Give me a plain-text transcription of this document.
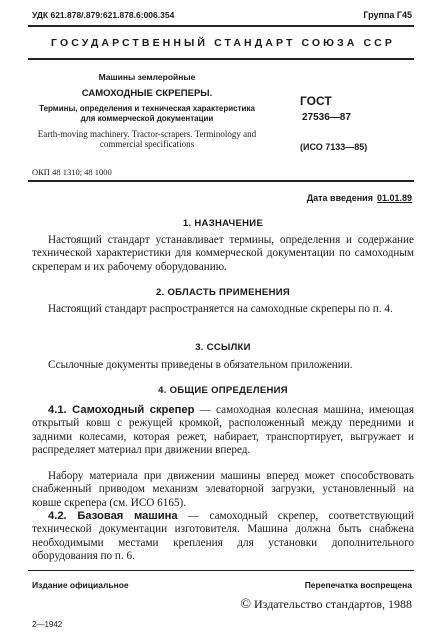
УДК 621.878/.879:621.878.6:006.354	Группа Г45
ГОСУДАРСТВЕННЫЙ СТАНДАРТ СОЮЗА ССР
Машины землеройные
САМОХОДНЫЕ СКРЕПЕРЫ.
Термины, определения и техническая характеристика для коммерческой документации
Earth-moving machinery. Tractor-scrapers. Terminology and commercial specifications
ОКП 48 1310; 48 1000
ГОСТ
27536—87
(ИСО 7133—85)
Дата введения 01.01.89
1. НАЗНАЧЕНИЕ
Настоящий стандарт устанавливает термины, определения и содержание технической характеристики для коммерческой документации по самоходным скреперам и их рабочему оборудованию.
2. ОБЛАСТЬ ПРИМЕНЕНИЯ
Настоящий стандарт распространяется на самоходные скреперы по п. 4.
3. ССЫЛКИ
Ссылочные документы приведены в обязательном приложении.
4. ОБЩИЕ ОПРЕДЕЛЕНИЯ
4.1. Самоходный скрепер — самоходная колесная машина, имеющая открытый ковш с режущей кромкой, расположенный между передними и задними колесами, которая режет, набирает, транспортирует, выгружает и распределяет материал при движении вперед.
Набору материала при движении машины вперед может способствовать снабженный приводом механизм элеваторной загрузки, установленный на ковше скрепера (см. ИСО 6165).
4.2. Базовая машина — самоходный скрепер, соответствующий технической документации изготовителя. Машина должна быть снабжена необходимыми местами крепления для установки дополнительного оборудования по п. 6.
Издание официальное	Перепечатка воспрещена
© Издательство стандартов, 1988
2—1942
